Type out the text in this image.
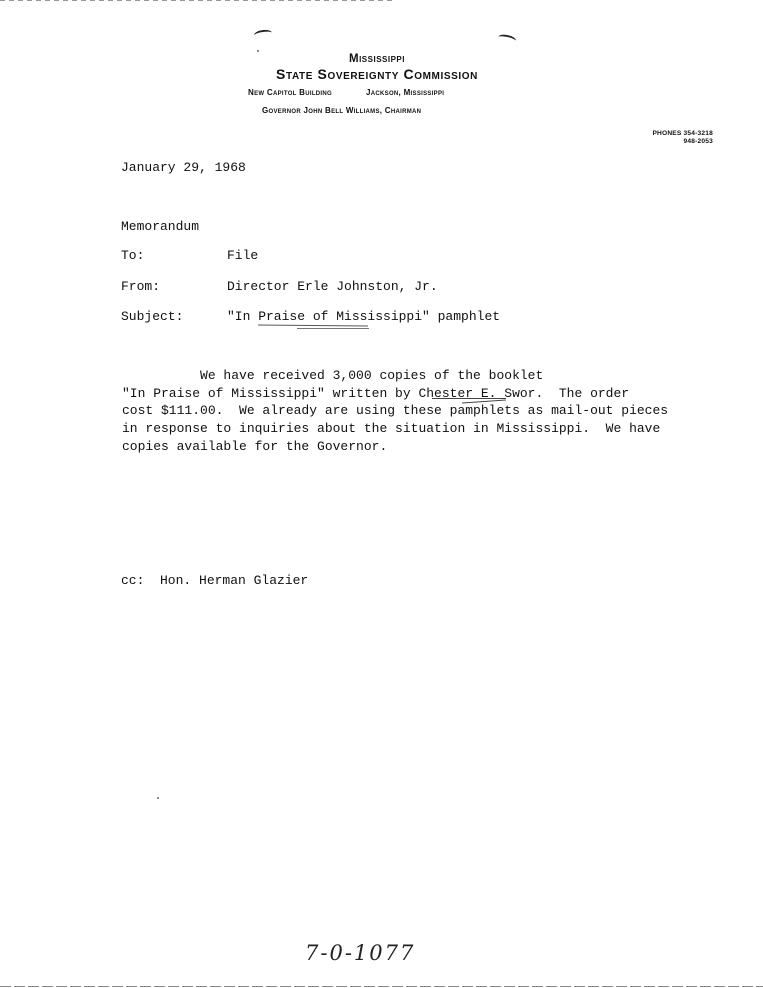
Mississippi
State Sovereignty Commission
New Capitol Building	Jackson, Mississippi
Governor John Bell Williams, Chairman
PHONES 354-3218
948-2053
January 29, 1968
Memorandum
To:	File
From:	Director Erle Johnston, Jr.
Subject:	"In Praise of Mississippi" pamphlet
We have received 3,000 copies of the booklet
"In Praise of Mississippi" written by Chester E. Swor.  The order
cost $111.00.  We already are using these pamphlets as mail-out pieces
in response to inquiries about the situation in Mississippi.  We have
copies available for the Governor.
cc:  Hon. Herman Glazier
7-0-1077
